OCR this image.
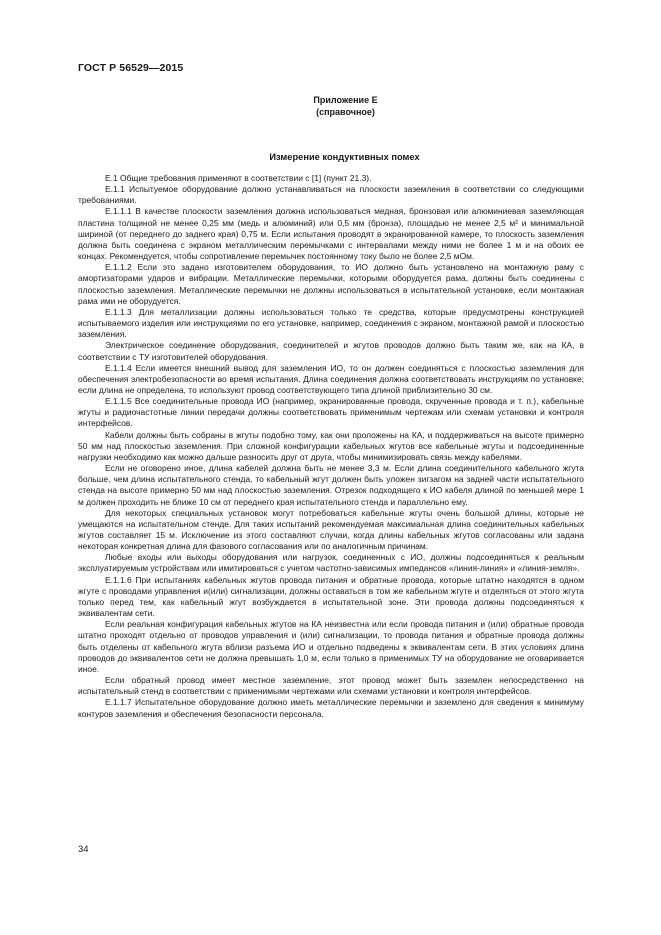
ГОСТ Р 56529—2015
Приложение Е
(справочное)
Измерение кондуктивных помех

Е.1 Общие требования применяют в соответствии с [1] (пункт 21.3).

Е.1.1 Испытуемое оборудование должно устанавливаться на плоскости заземления в соответствии со следующими требованиями.

Е.1.1.1 В качестве плоскости заземления должна использоваться медная, бронзовая или алюминиевая заземляющая пластина толщиной не менее 0,25 мм (медь и алюминий) или 0,5 мм (бронза), площадью не менее 2,5 м² и минимальной шириной (от переднего до заднего края) 0,75 м. Если испытания проводят в экранированной камере, то плоскость заземления должна быть соединена с экраном металлическим перемычками с интервалами между ними не более 1 м и на обоих ее концах. Рекомендуется, чтобы сопротивление перемычек постоянному току было не более 2,5 мОм.

Е.1.1.2 Если это задано изготовителем оборудования, то ИО должно быть установлено на монтажную раму с амортизаторами ударов и вибрации. Металлические перемычки, которыми оборудуется рама, должны быть соединены с плоскостью заземления. Металлические перемычки не должны использоваться в испытательной установке, если монтажная рама ими не оборудуется.

Е.1.1.3 Для металлизации должны использоваться только те средства, которые предусмотрены конструкцией испытываемого изделия или инструкциями по его установке, например, соединения с экраном, монтажной рамой и плоскостью заземления.

Электрическое соединение оборудования, соединителей и жгутов проводов должно быть таким же, как на КА, в соответствии с ТУ изготовителей оборудования.

Е.1.1.4 Если имеется внешний вывод для заземления ИО, то он должен соединяться с плоскостью заземления для обеспечения электробезопасности во время испытания. Длина соединения должна соответствовать инструкциям по установке; если длина не определена, то используют провод соответствующего типа длиной приблизительно 30 см.

Е.1.1.5 Все соединительные провода ИО (например, экранированные провода, скрученные провода и т. п.), кабельные жгуты и радиочастотные линии передачи должны соответствовать применимым чертежам или схемам установки и контроля интерфейсов.

Кабели должны быть собраны в жгуты подобно тому, как они проложены на КА, и поддерживаться на высоте примерно 50 мм над плоскостью заземления. При сложной конфигурации кабельных жгутов все кабельные жгуты и подсоединенные нагрузки необходимо как можно дальше разносить друг от друга, чтобы минимизировать связь между кабелями.

Если не оговорено иное, длина кабелей должна быть не менее 3,3 м. Если длина соединительного кабельного жгута больше, чем длина испытательного стенда, то кабельный жгут должен быть уложен зигзагом на задней части испытательного стенда на высоте примерно 50 мм над плоскостью заземления. Отрезок подходящего к ИО кабеля длиной по меньшей мере 1 м должен проходить не ближе 10 см от переднего края испытательного стенда и параллельно ему.

Для некоторых специальных установок могут потребоваться кабельные жгуты очень большой длины, которые не умещаются на испытательном стенде. Для таких испытаний рекомендуемая максимальная длина соединительных кабельных жгутов составляет 15 м. Исключение из этого составляют случаи, когда длины кабельных жгутов согласованы или задана некоторая конкретная длина для фазового согласования или по аналогичным причинам.

Любые входы или выходы оборудования или нагрузок, соединенных с ИО, должны подсоединяться к реальным эксплуатируемым устройствам или имитироваться с учетом частотно-зависимых импедансов «линия-линия» и «линия-земля».

Е.1.1.6 При испытаниях кабельных жгутов провода питания и обратные провода, которые штатно находятся в одном жгуте с проводами управления и(или) сигнализации, должны оставаться в том же кабельном жгуте и отделяться от этого жгута только перед тем, как кабельный жгут возбуждается в испытательной зоне. Эти провода должны подсоединяться к эквивалентам сети.

Если реальная конфигурация кабельных жгутов на КА неизвестна или если провода питания и (или) обратные провода штатно проходят отдельно от проводов управления и (или) сигнализации, то провода питания и обратные провода должны быть отделены от кабельного жгута вблизи разъема ИО и отдельно подведены к эквивалентам сети. В этих условиях длина проводов до эквивалентов сети не должна превышать 1,0 м, если только в применимых ТУ на оборудование не оговаривается иное.

Если обратный провод имеет местное заземление, этот провод может быть заземлен непосредственно на испытательный стенд в соответствии с применимыми чертежами или схемами установки и контроля интерфейсов.

Е.1.1.7 Испытательное оборудование должно иметь металлические перемычки и заземлено для сведения к минимуму контуров заземления и обеспечения безопасности персонала.

34
